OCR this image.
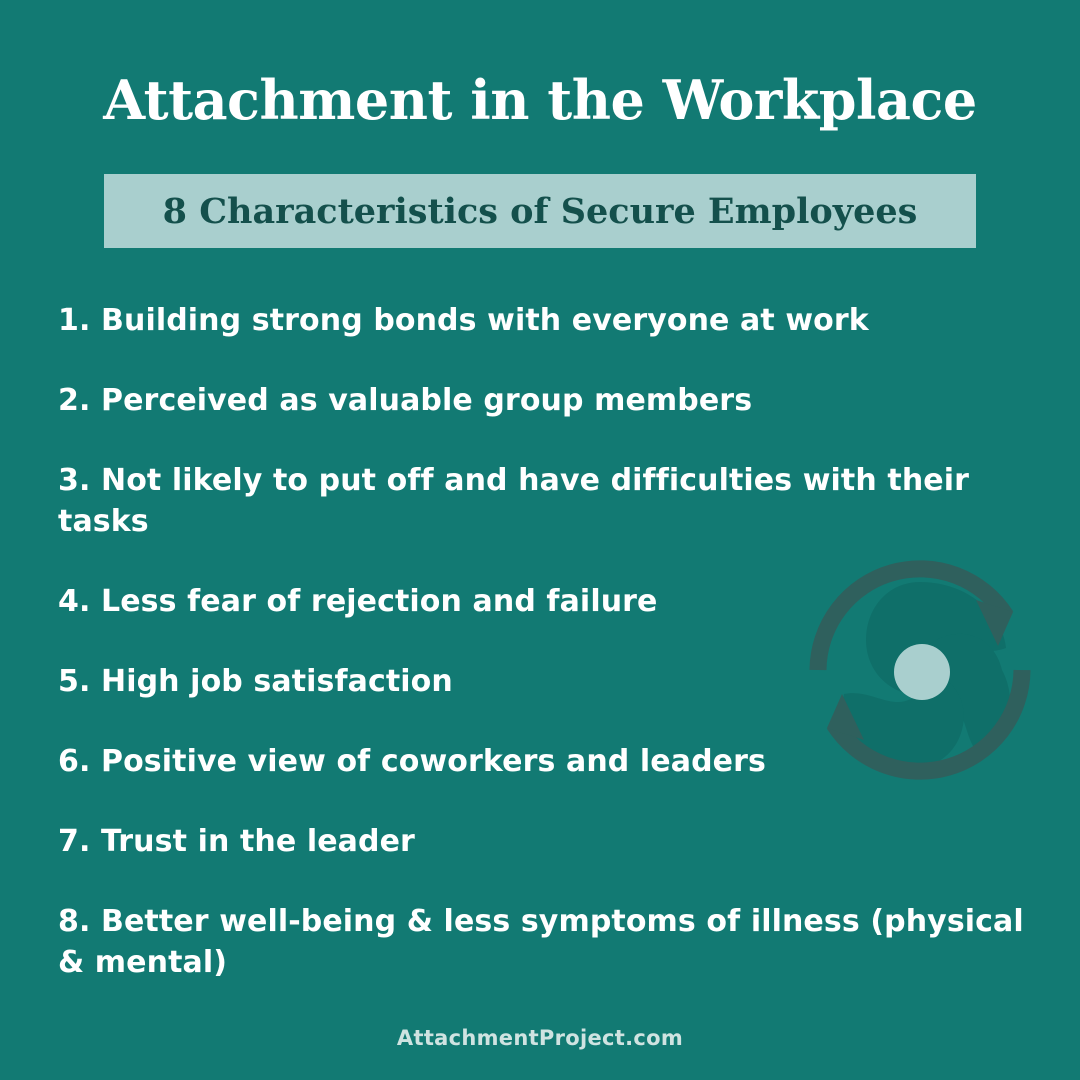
Attachment in the Workplace
8 Characteristics of Secure Employees
1. Building strong bonds with everyone at work
2. Perceived as valuable group members
3. Not likely to put off and have difficulties with their tasks
4. Less fear of rejection and failure
5. High job satisfaction
6. Positive view of coworkers and leaders
7. Trust in the leader
8. Better well-being & less symptoms of illness (physical & mental)
AttachmentProject.com
